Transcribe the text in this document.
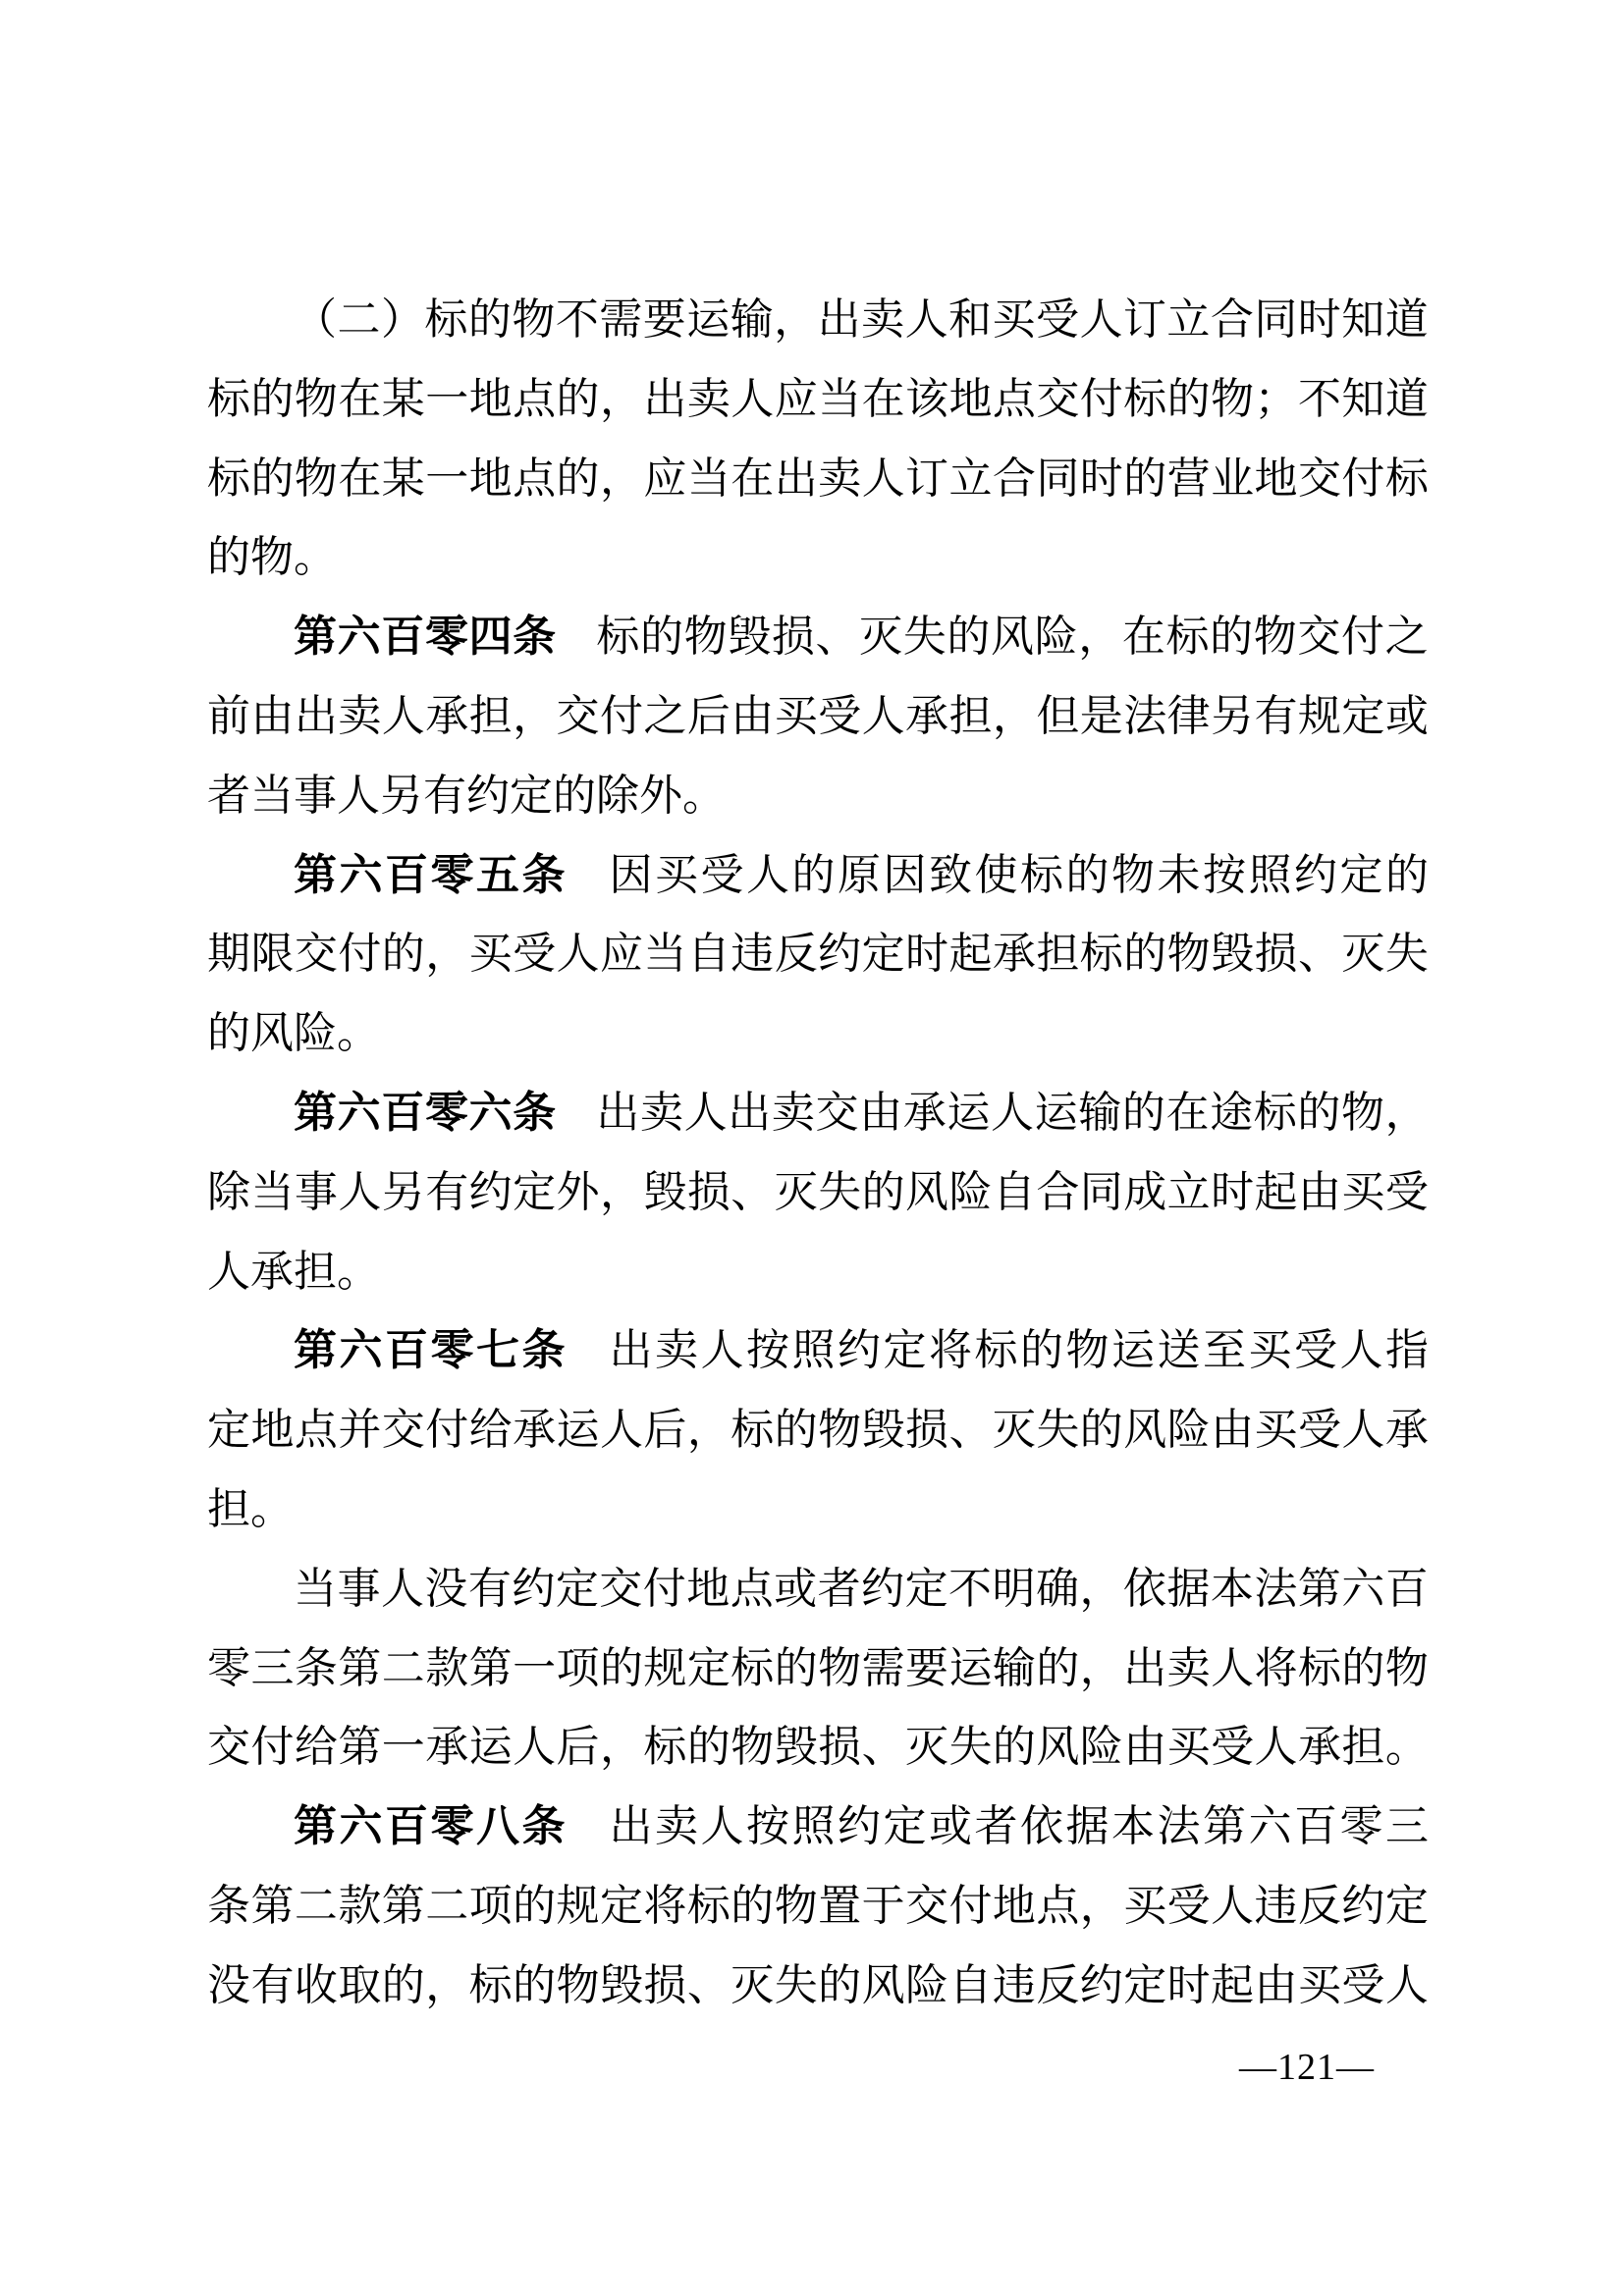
（ 二 ） 标 的 物 不 需 要 运 输 ， 出 卖 人 和 买 受 人 订 立 合 同 时 知 道
标 的 物 在 某 一 地 点 的 ， 出 卖 人 应 当 在 该 地 点 交 付 标 的 物 ； 不 知 道
标 的 物 在 某 一 地 点 的 ， 应 当 在 出 卖 人 订 立 合 同 时 的 营 业 地 交 付 标
的物。
第 六 百 零 四 条 标 的 物 毁 损 、 灭 失 的 风 险 ， 在 标 的 物 交 付 之
前 由 出 卖 人 承 担 ， 交 付 之 后 由 买 受 人 承 担 ， 但 是 法 律 另 有 规 定 或
者当事人另有约定的除外。
第 六 百 零 五 条 因 买 受 人 的 原 因 致 使 标 的 物 未 按 照 约 定 的
期 限 交 付 的 ， 买 受 人 应 当 自 违 反 约 定 时 起 承 担 标 的 物 毁 损 、 灭 失
的风险。
第 六 百 零 六 条 出 卖 人 出 卖 交 由 承 运 人 运 输 的 在 途 标 的 物 ，
除 当 事 人 另 有 约 定 外 ， 毁 损 、 灭 失 的 风 险 自 合 同 成 立 时 起 由 买 受
人承担。
第 六 百 零 七 条 出 卖 人 按 照 约 定 将 标 的 物 运 送 至 买 受 人 指
定 地 点 并 交 付 给 承 运 人 后 ， 标 的 物 毁 损 、 灭 失 的 风 险 由 买 受 人 承
担。
当 事 人 没 有 约 定 交 付 地 点 或 者 约 定 不 明 确 ， 依 据 本 法 第 六 百
零 三 条 第 二 款 第 一 项 的 规 定 标 的 物 需 要 运 输 的 ， 出 卖 人 将 标 的 物
交 付 给 第 一 承 运 人 后 ， 标 的 物 毁 损 、 灭 失 的 风 险 由 买 受 人 承 担 。
第 六 百 零 八 条 出 卖 人 按 照 约 定 或 者 依 据 本 法 第 六 百 零 三
条 第 二 款 第 二 项 的 规 定 将 标 的 物 置 于 交 付 地 点 ， 买 受 人 违 反 约 定
没 有 收 取 的 ， 标 的 物 毁 损 、 灭 失 的 风 险 自 违 反 约 定 时 起 由 买 受 人
—121—
